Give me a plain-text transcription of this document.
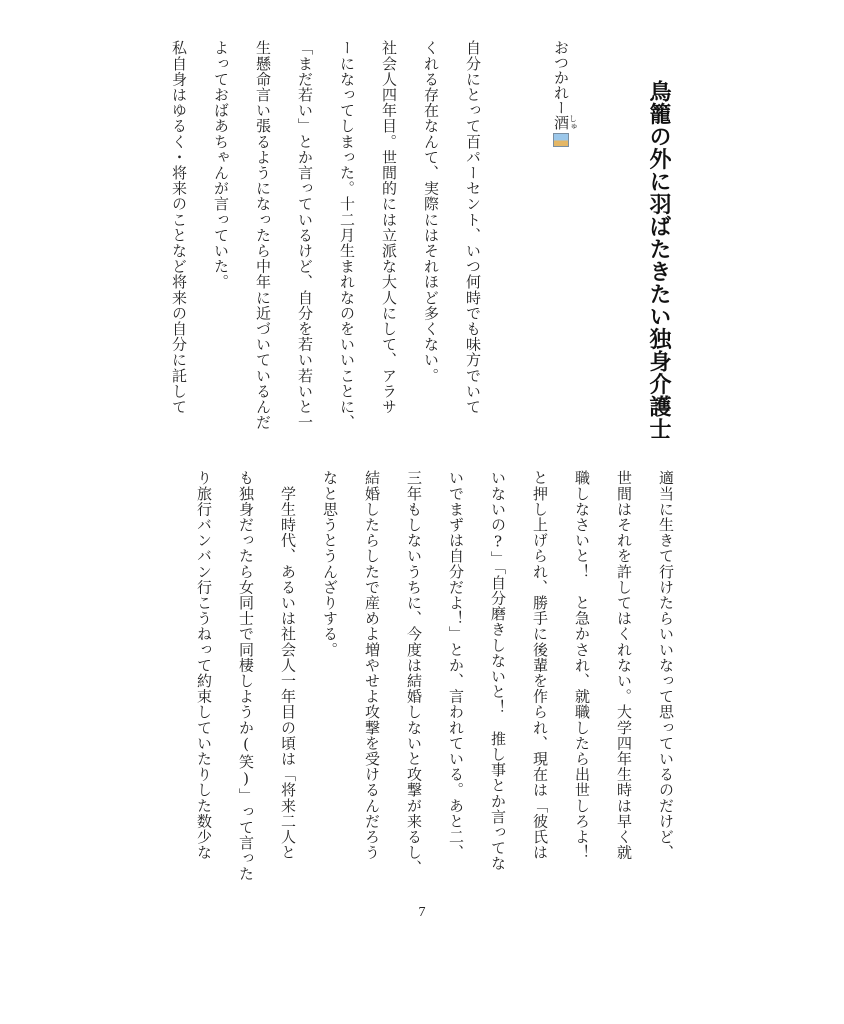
鳥籠の外に羽ばたきたい独身介護士
おつかれー酒しゅ
自分にとって百パーセント、いつ何時でも味方でいて
くれる存在なんて、実際にはそれほど多くない。
社会人四年目。世間的には立派な大人にして、アラサ
ーになってしまった。十二月生まれなのをいいことに、
「まだ若い」とか言っているけど、自分を若い若いと一
生懸命言い張るようになったら中年に近づいているんだ
よっておばあちゃんが言っていた。
私自身はゆるく・将来のことなど将来の自分に託して
適当に生きて行けたらいいなって思っているのだけど、
世間はそれを許してはくれない。大学四年生時は早く就
職しなさいと！　と急かされ、就職したら出世しろよ！
と押し上げられ、勝手に後輩を作られ、現在は「彼氏は
いないの?」「自分磨きしないと！　推し事とか言ってな
いでまずは自分だよ！」とか、言われている。あと二、
三年もしないうちに、今度は結婚しないと攻撃が来るし、
結婚したらしたで産めよ増やせよ攻撃を受けるんだろう
なと思うとうんざりする。
　学生時代、あるいは社会人一年目の頃は「将来二人と
も独身だったら女同士で同棲しようか(笑)」って言った
り旅行バンバン行こうねって約束していたりした数少な
7
